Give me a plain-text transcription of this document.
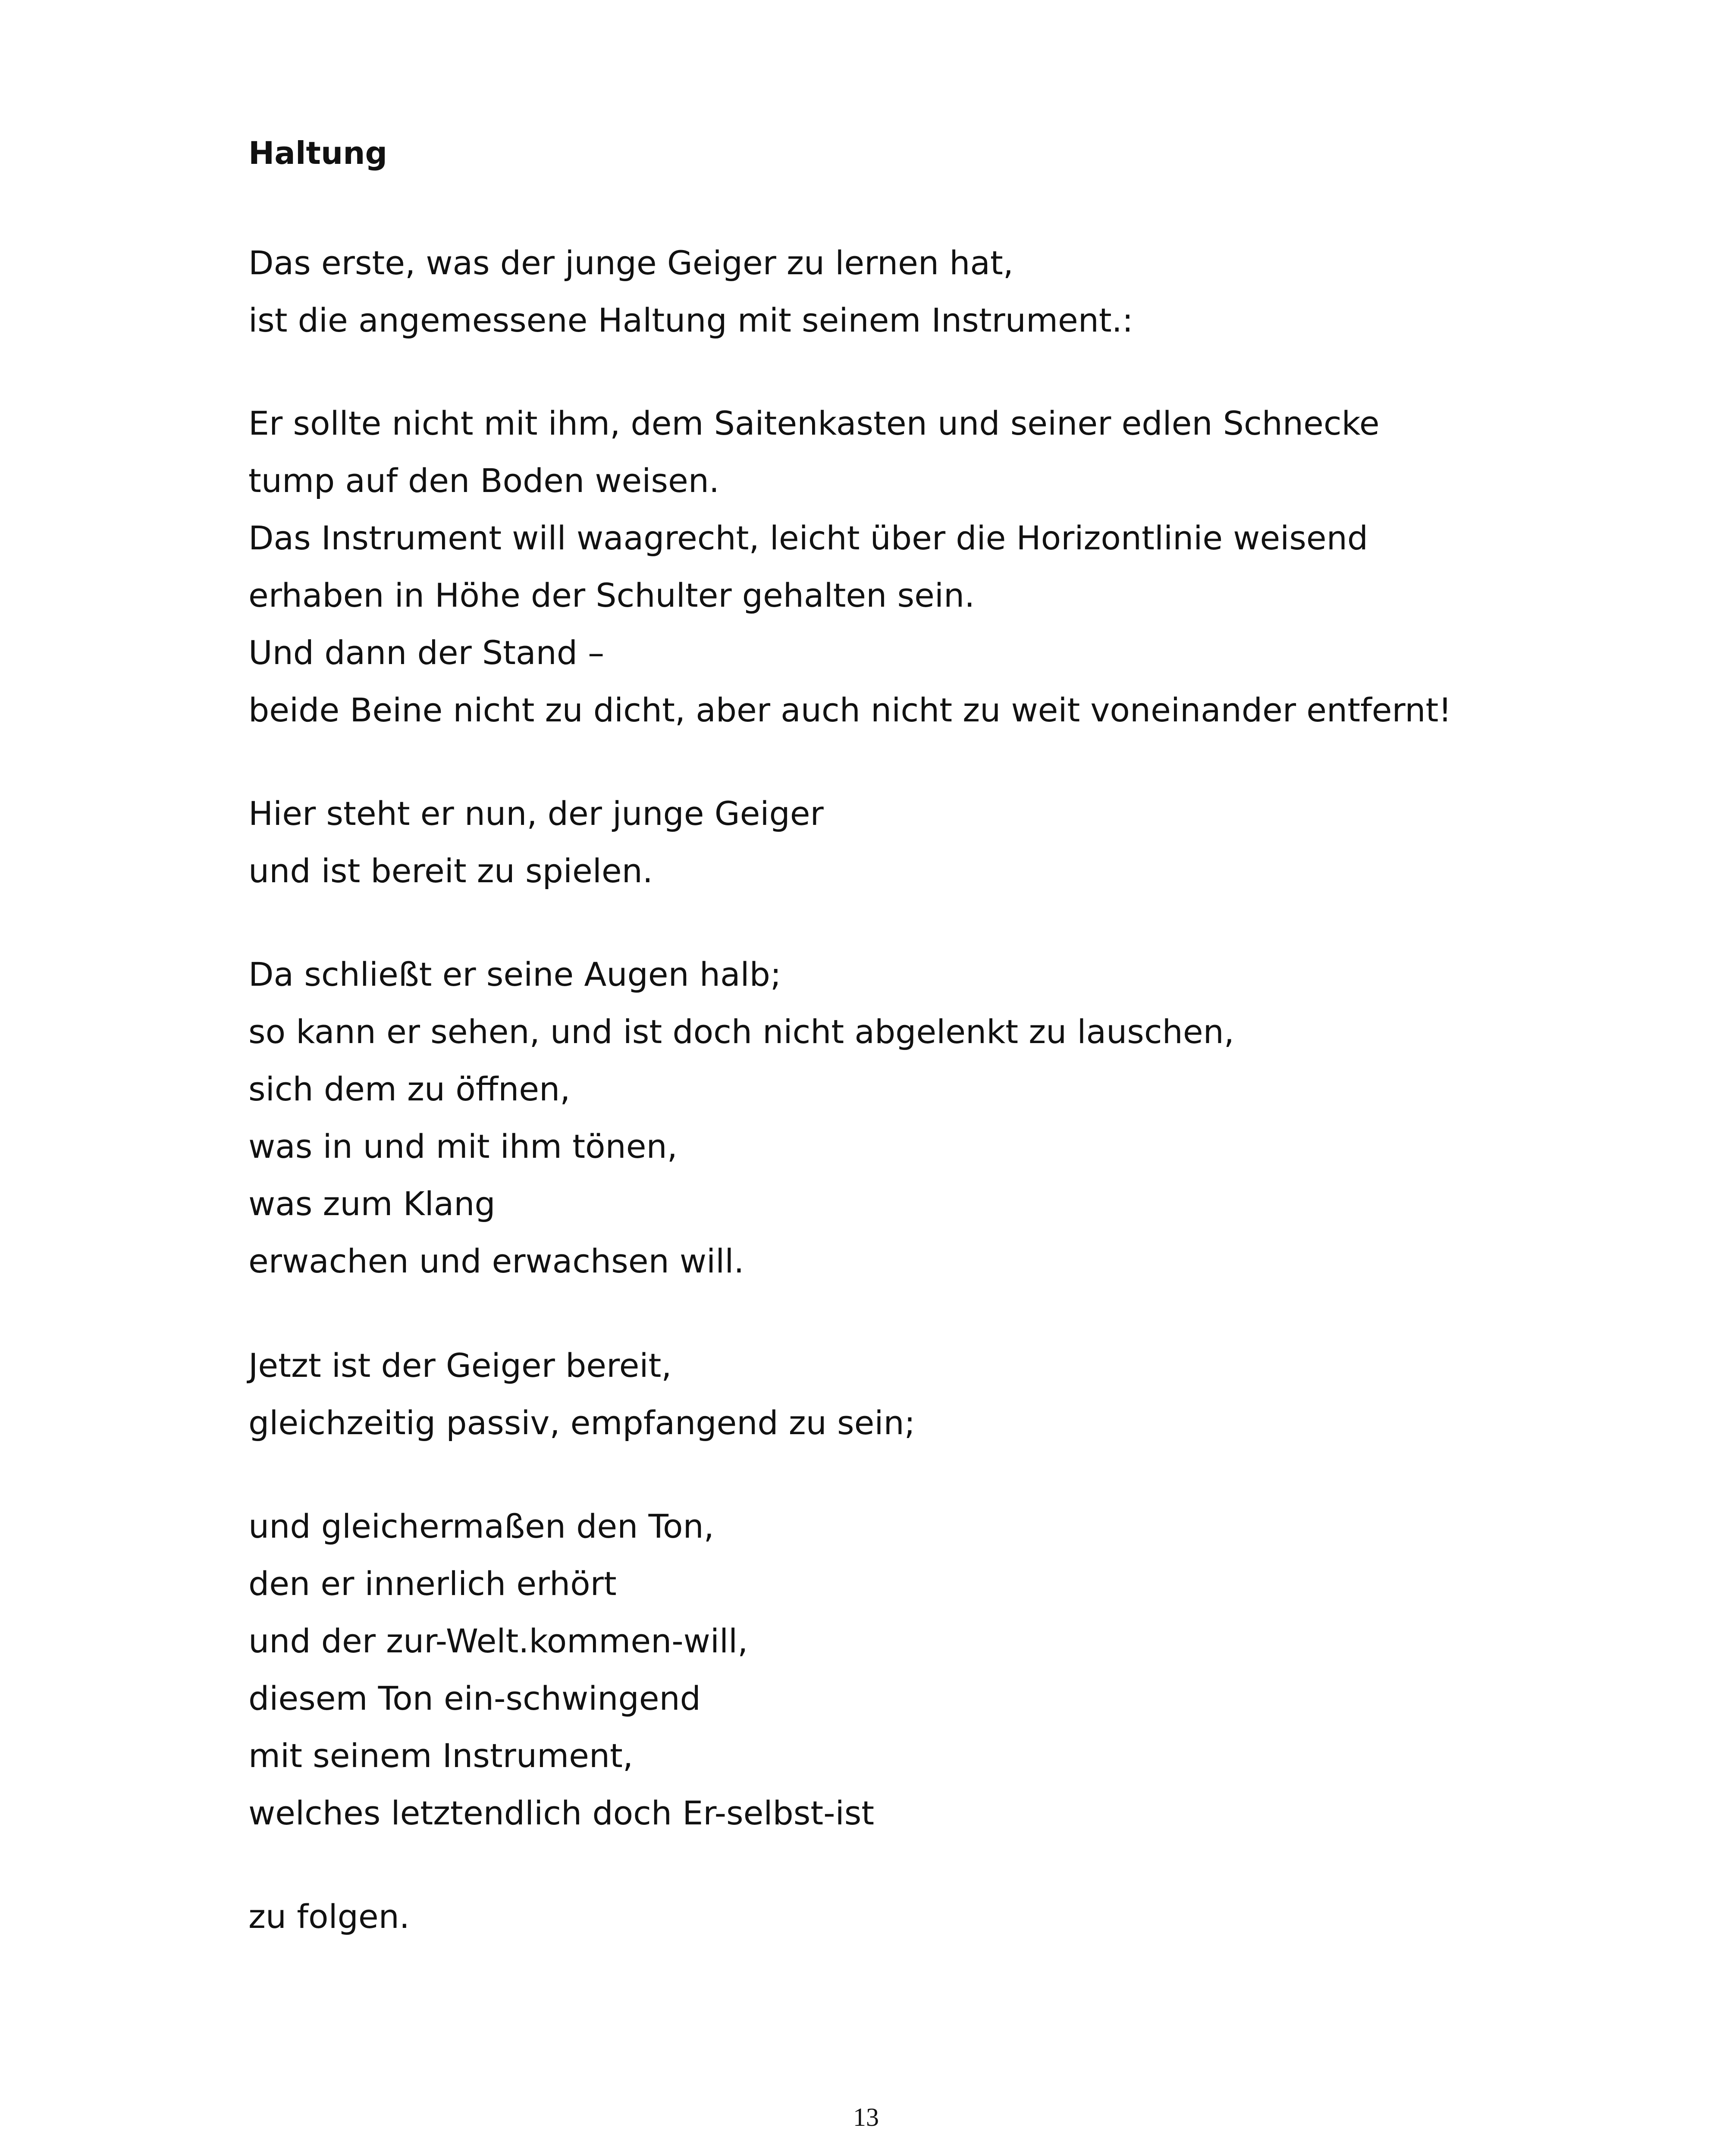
Haltung
Das erste, was der junge Geiger zu lernen hat,
ist die angemessene Haltung mit seinem Instrument.:
Er sollte nicht mit ihm, dem Saitenkasten und seiner edlen Schnecke
tump auf den Boden weisen.
Das Instrument will waagrecht, leicht über die Horizontlinie weisend
erhaben in Höhe der Schulter gehalten sein.
Und dann der Stand –
beide Beine nicht zu dicht, aber auch nicht zu weit voneinander entfernt!
Hier steht er nun, der junge Geiger
und ist bereit zu spielen.
Da schließt er seine Augen halb;
so kann er sehen, und ist doch nicht abgelenkt zu lauschen,
sich dem zu öffnen,
was in und mit ihm tönen,
was zum Klang
erwachen und erwachsen will.
Jetzt ist der Geiger bereit,
gleichzeitig passiv, empfangend zu sein;
und gleichermaßen den Ton,
den er innerlich erhört
und der zur-Welt.kommen-will,
diesem Ton ein-schwingend
mit seinem Instrument,
welches letztendlich doch Er-selbst-ist
zu folgen.
13
